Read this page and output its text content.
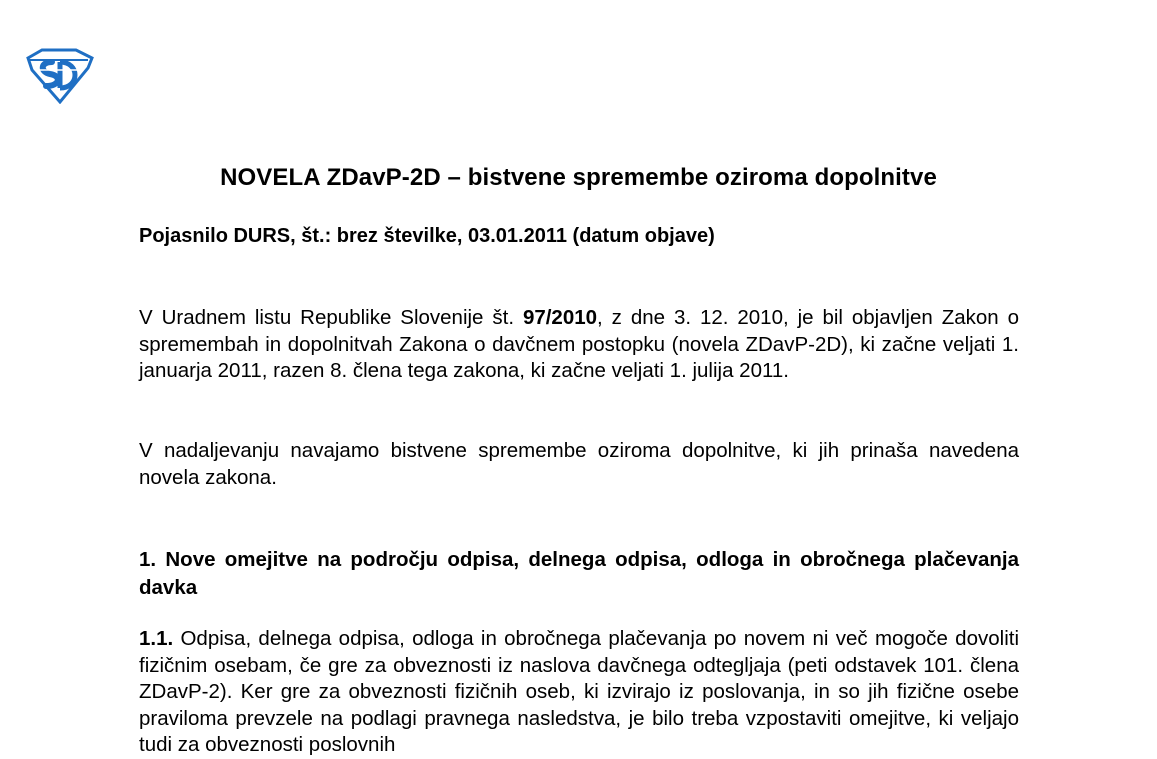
NOVELA ZDavP-2D – bistvene spremembe oziroma dopolnitve
Pojasnilo DURS, št.: brez številke, 03.01.2011 (datum objave)
V Uradnem listu Republike Slovenije št. 97/2010, z dne 3. 12. 2010, je bil objavljen Zakon o spremembah in dopolnitvah Zakona o davčnem postopku (novela ZDavP-2D), ki začne veljati 1. januarja 2011, razen 8. člena tega zakona, ki začne veljati 1. julija 2011.
V nadaljevanju navajamo bistvene spremembe oziroma dopolnitve, ki jih prinaša navedena novela zakona.
1. Nove omejitve na področju odpisa, delnega odpisa, odloga in obročnega plačevanja davka
1.1. Odpisa, delnega odpisa, odloga in obročnega plačevanja po novem ni več mogoče dovoliti fizičnim osebam, če gre za obveznosti iz naslova davčnega odtegljaja (peti odstavek 101. člena ZDavP-2). Ker gre za obveznosti fizičnih oseb, ki izvirajo iz poslovanja, in so jih fizične osebe praviloma prevzele na podlagi pravnega nasledstva, je bilo treba vzpostaviti omejitve, ki veljajo tudi za obveznosti poslovnih
